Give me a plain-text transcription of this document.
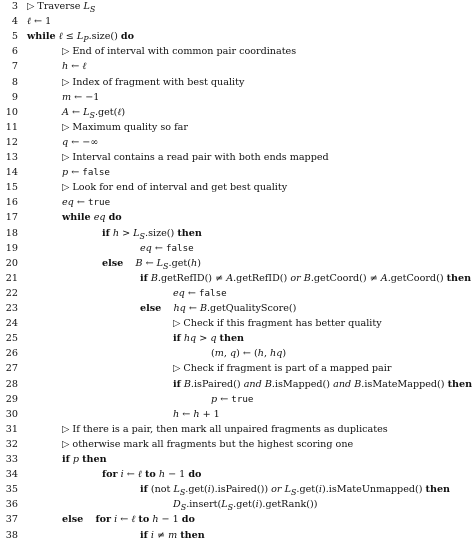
3 ▷ Traverse $L_S$
4 ℓ ← 1
5 while ℓ ≤ $L_P.size()$ do
6	▷ End of interval with common pair coordinates
7	h ← ℓ
8	▷ Index of fragment with best quality
9	m ← −1
10	A ← $L_S.get(\ell)$
11	▷ Maximum quality so far
12	q ← −∞
13	▷ Interval contains a read pair with both ends mapped
14	p ← false
15	▷ Look for end of interval and get best quality
16	eq ← true
17	while eq do
18	if $h > L_S.size()$ then
19	eq ← false
20	else B ← $L_S.get(h)$
21	if B.getRefID() ≠ A.getRefID() or B.getCoord() ≠ A.getCoord() then
22	eq ← false
23	else hq ← B.getQualityScore()
24	▷ Check if this fragment has better quality
25	if hq > q then
26	(m, q) ← (h, hq)
27	▷ Check if fragment is part of a mapped pair
28	if B.isPaired() and B.isMapped() and B.isMateMapped() then
29	p ← true
30	h ← h + 1
31	▷ If there is a pair, then mark all unpaired fragments as duplicates
32	▷ otherwise mark all fragments but the highest scoring one
33	if p then
34	for i ← ℓ to h − 1 do
35	if (not $L_S.get(i).isPaired()$) or $L_S.get(i).isMateUnmapped()$ then
36	$D_S.insert(L_S.get(i).getRank())$
37	else for i ← ℓ to h − 1 do
38	if i ≠ m then
